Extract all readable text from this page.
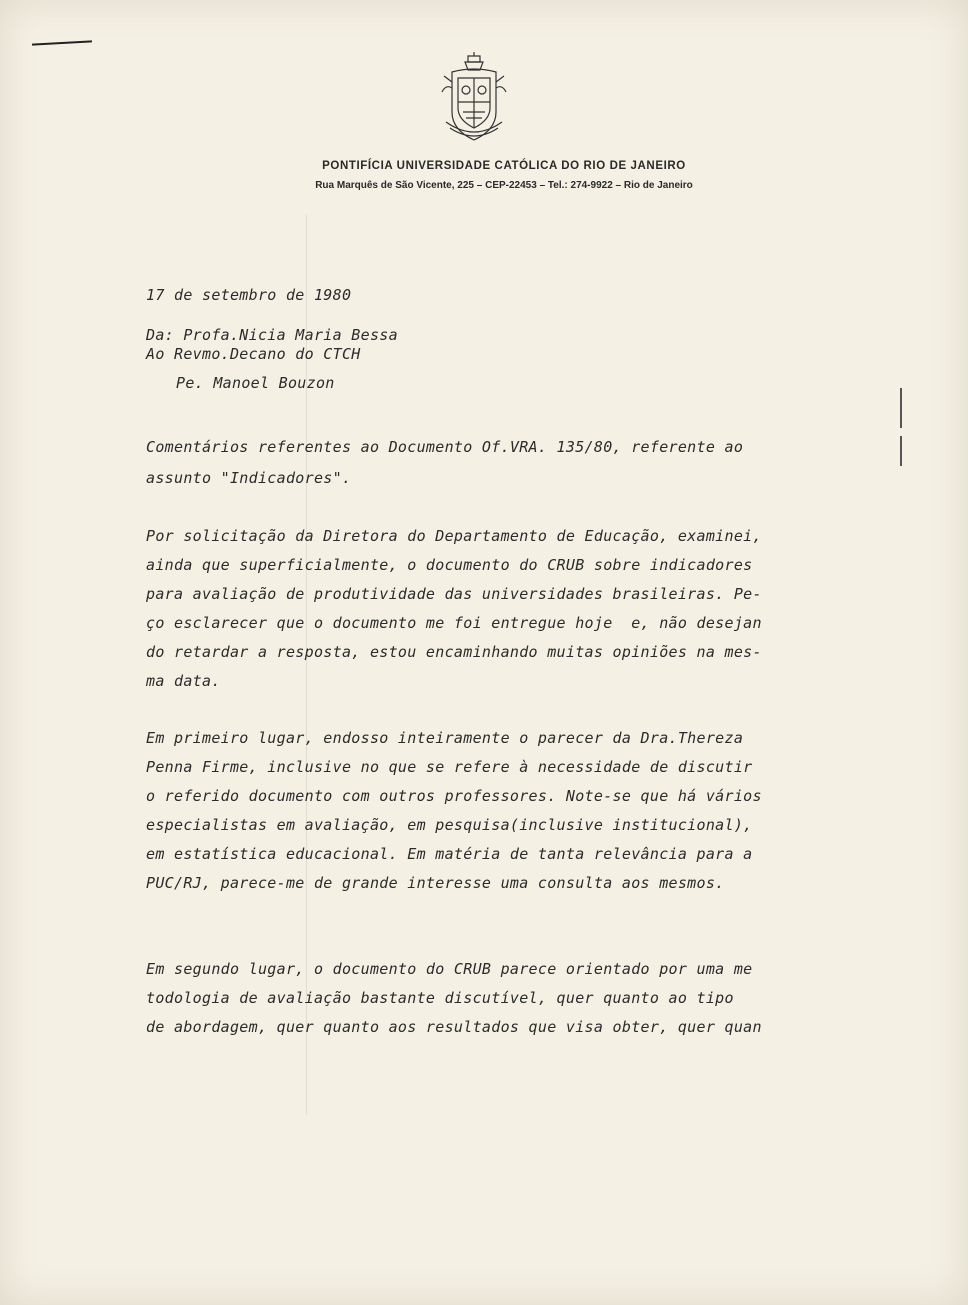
PONTIFÍCIA UNIVERSIDADE CATÓLICA DO RIO DE JANEIRO
Rua Marquês de São Vicente, 225 – CEP-22453 – Tel.: 274-9922 – Rio de Janeiro
17 de setembro de 1980
Da: Profa.Nicia Maria Bessa
Ao Revmo.Decano do CTCH
Pe. Manoel Bouzon

Comentários referentes ao Documento Of.VRA. 135/80, referente ao

assunto "Indicadores".

Por solicitação da Diretora do Departamento de Educação, examinei,

ainda que superficialmente, o documento do CRUB sobre indicadores

para avaliação de produtividade das universidades brasileiras. Pe-

ço esclarecer que o documento me foi entregue hoje  e, não desejan

do retardar a resposta, estou encaminhando muitas opiniões na mes-

ma data.

Em primeiro lugar, endosso inteiramente o parecer da Dra.Thereza

Penna Firme, inclusive no que se refere à necessidade de discutir

o referido documento com outros professores. Note-se que há vários

especialistas em avaliação, em pesquisa(inclusive institucional),

em estatística educacional. Em matéria de tanta relevância para a

PUC/RJ, parece-me de grande interesse uma consulta aos mesmos.

Em segundo lugar, o documento do CRUB parece orientado por uma me

todologia de avaliação bastante discutível, quer quanto ao tipo

de abordagem, quer quanto aos resultados que visa obter, quer quan
